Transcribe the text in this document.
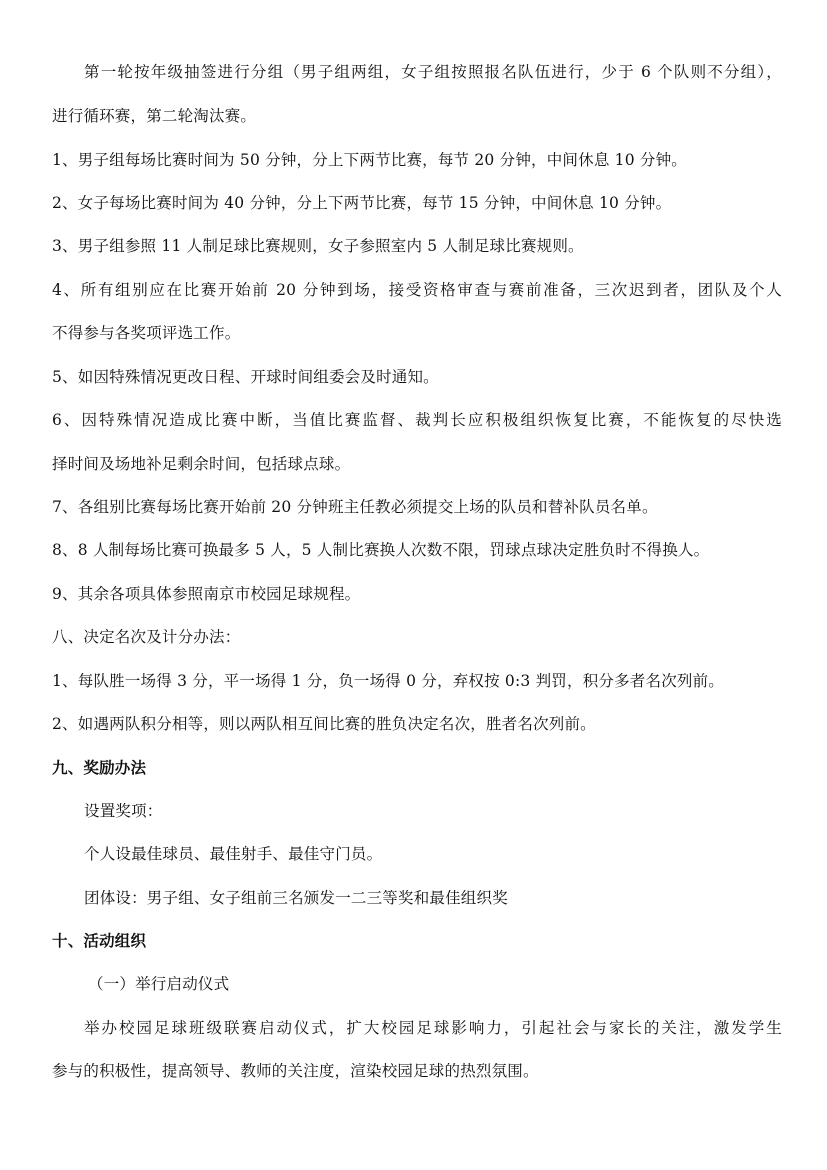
第一轮按年级抽签进行分组（男子组两组，女子组按照报名队伍进行，少于 6 个队则不分组），
进行循环赛，第二轮淘汰赛。
1、男子组每场比赛时间为 50 分钟，分上下两节比赛，每节 20 分钟，中间休息 10 分钟。
2、女子每场比赛时间为 40 分钟，分上下两节比赛，每节 15 分钟，中间休息 10 分钟。
3、男子组参照 11 人制足球比赛规则，女子参照室内 5 人制足球比赛规则。
4、所有组别应在比赛开始前 20 分钟到场，接受资格审查与赛前准备，三次迟到者，团队及个人
不得参与各奖项评选工作。
5、如因特殊情况更改日程、开球时间组委会及时通知。
6、因特殊情况造成比赛中断，当值比赛监督、裁判长应积极组织恢复比赛，不能恢复的尽快选
择时间及场地补足剩余时间，包括球点球。
7、各组别比赛每场比赛开始前 20 分钟班主任教必须提交上场的队员和替补队员名单。
8、8 人制每场比赛可换最多 5 人，5 人制比赛换人次数不限，罚球点球决定胜负时不得换人。
9、其余各项具体参照南京市校园足球规程。
八、决定名次及计分办法：
1、每队胜一场得 3 分，平一场得 1 分，负一场得 0 分，弃权按 0:3 判罚，积分多者名次列前。
2、如遇两队积分相等，则以两队相互间比赛的胜负决定名次，胜者名次列前。
九、奖励办法
设置奖项：
个人设最佳球员、最佳射手、最佳守门员。
团体设：男子组、女子组前三名颁发一二三等奖和最佳组织奖
十、活动组织
（一）举行启动仪式
举办校园足球班级联赛启动仪式，扩大校园足球影响力，引起社会与家长的关注，激发学生
参与的积极性，提高领导、教师的关注度，渲染校园足球的热烈氛围。
